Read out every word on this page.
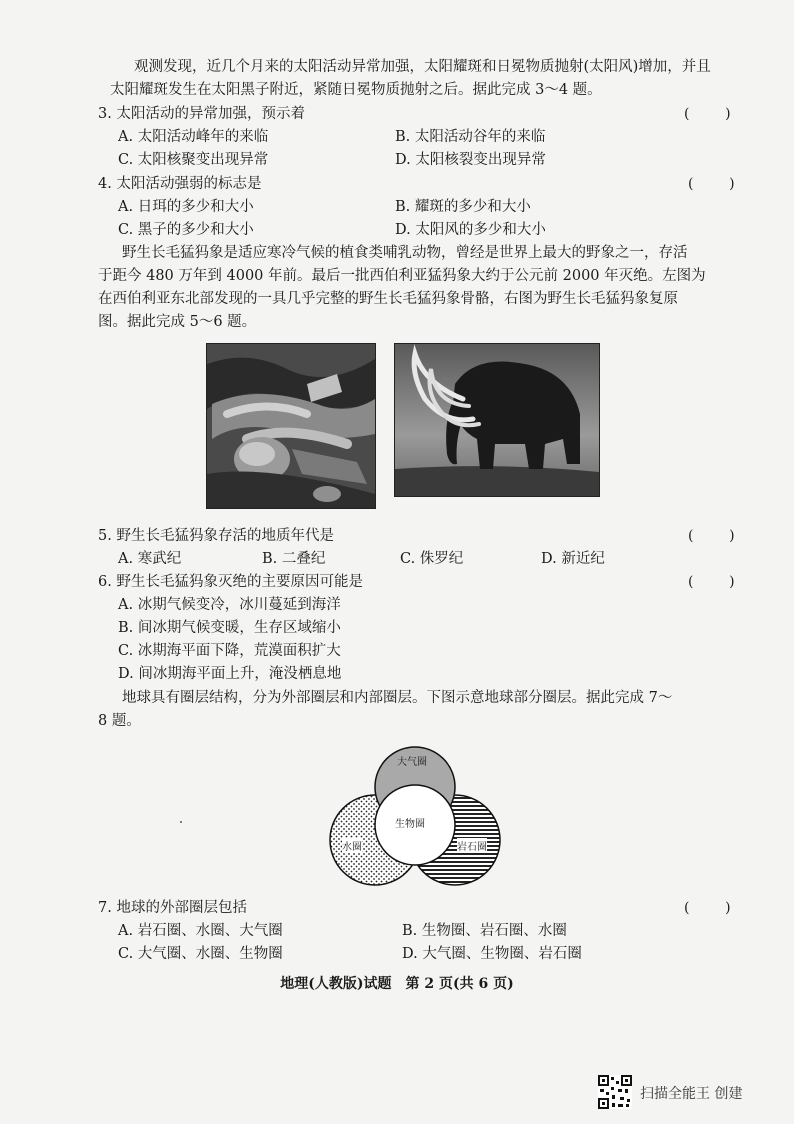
观测发现，近几个月来的太阳活动异常加强，太阳耀斑和日冕物质抛射(太阳风)增加，并且
太阳耀斑发生在太阳黑子附近，紧随日冕物质抛射之后。据此完成 3～4 题。
3. 太阳活动的异常加强，预示着	(        )
A. 太阳活动峰年的来临	B. 太阳活动谷年的来临
C. 太阳核聚变出现异常	D. 太阳核裂变出现异常
4. 太阳活动强弱的标志是	(        )
A. 日珥的多少和大小	B. 耀斑的多少和大小
C. 黑子的多少和大小	D. 太阳风的多少和大小
野生长毛猛犸象是适应寒冷气候的植食类哺乳动物，曾经是世界上最大的野象之一，存活
于距今 480 万年到 4000 年前。最后一批西伯利亚猛犸象大约于公元前 2000 年灭绝。左图为
在西伯利亚东北部发现的一具几乎完整的野生长毛猛犸象骨骼，右图为野生长毛猛犸象复原
图。据此完成 5～6 题。
5. 野生长毛猛犸象存活的地质年代是	(        )
A. 寒武纪	B. 二叠纪	C. 侏罗纪	D. 新近纪
6. 野生长毛猛犸象灭绝的主要原因可能是	(        )
A. 冰期气候变冷，冰川蔓延到海洋
B. 间冰期气候变暖，生存区域缩小
C. 冰期海平面下降，荒漠面积扩大
D. 间冰期海平面上升，淹没栖息地
地球具有圈层结构，分为外部圈层和内部圈层。下图示意地球部分圈层。据此完成 7～
8 题。
大气圈
生物圈
水圈	岩石圈
7. 地球的外部圈层包括	(        )
A. 岩石圈、水圈、大气圈	B. 生物圈、岩石圈、水圈
C. 大气圈、水圈、生物圈	D. 大气圈、生物圈、岩石圈
地理(人教版)试题　第 2 页(共 6 页)
扫描全能王 创建
